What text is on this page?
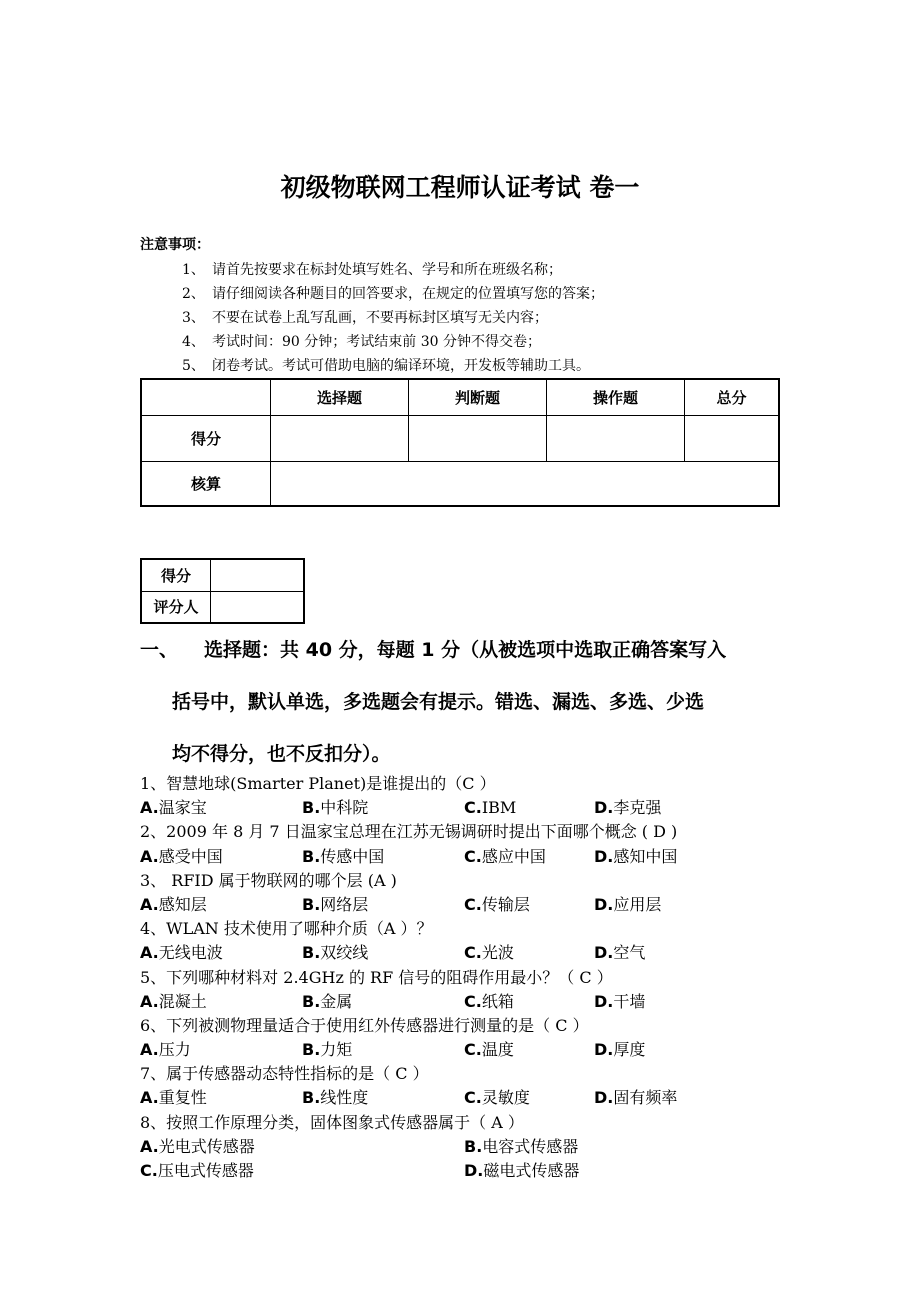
初级物联网工程师认证考试 卷一
注意事项：
1、 请首先按要求在标封处填写姓名、学号和所在班级名称；
2、 请仔细阅读各种题目的回答要求，在规定的位置填写您的答案；
3、 不要在试卷上乱写乱画，不要再标封区填写无关内容；
4、 考试时间：90 分钟；考试结束前 30 分钟不得交卷；
5、 闭卷考试。考试可借助电脑的编译环境，开发板等辅助工具。
	选择题	判断题	操作题	总分
得分				
核算				
得分	
评分人	
一、 选择题：共 40 分，每题 1 分（从被选项中选取正确答案写入
括号中，默认单选，多选题会有提示。错选、漏选、多选、少选
均不得分，也不反扣分）。
1、智慧地球(Smarter Planet)是谁提出的（C ）
A.温家宝	B.中科院	C.IBM	D.李克强
2、2009 年 8 月 7 日温家宝总理在江苏无锡调研时提出下面哪个概念 ( D )
A.感受中国	B.传感中国	C.感应中国	D.感知中国
3、 RFID 属于物联网的哪个层 (A )
A.感知层	B.网络层	C.传输层	D.应用层
4、WLAN 技术使用了哪种介质（A ）？
A.无线电波	B.双绞线	C.光波	D.空气
5、下列哪种材料对 2.4GHz 的 RF 信号的阻碍作用最小？（ C ）
A.混凝土	B.金属	C.纸箱	D.干墙
6、下列被测物理量适合于使用红外传感器进行测量的是（ C ）
A.压力	B.力矩	C.温度	D.厚度
7、属于传感器动态特性指标的是（ C ）
A.重复性	B.线性度	C.灵敏度	D.固有频率
8、按照工作原理分类，固体图象式传感器属于（ A ）
A.光电式传感器	B.电容式传感器
C.压电式传感器	D.磁电式传感器
